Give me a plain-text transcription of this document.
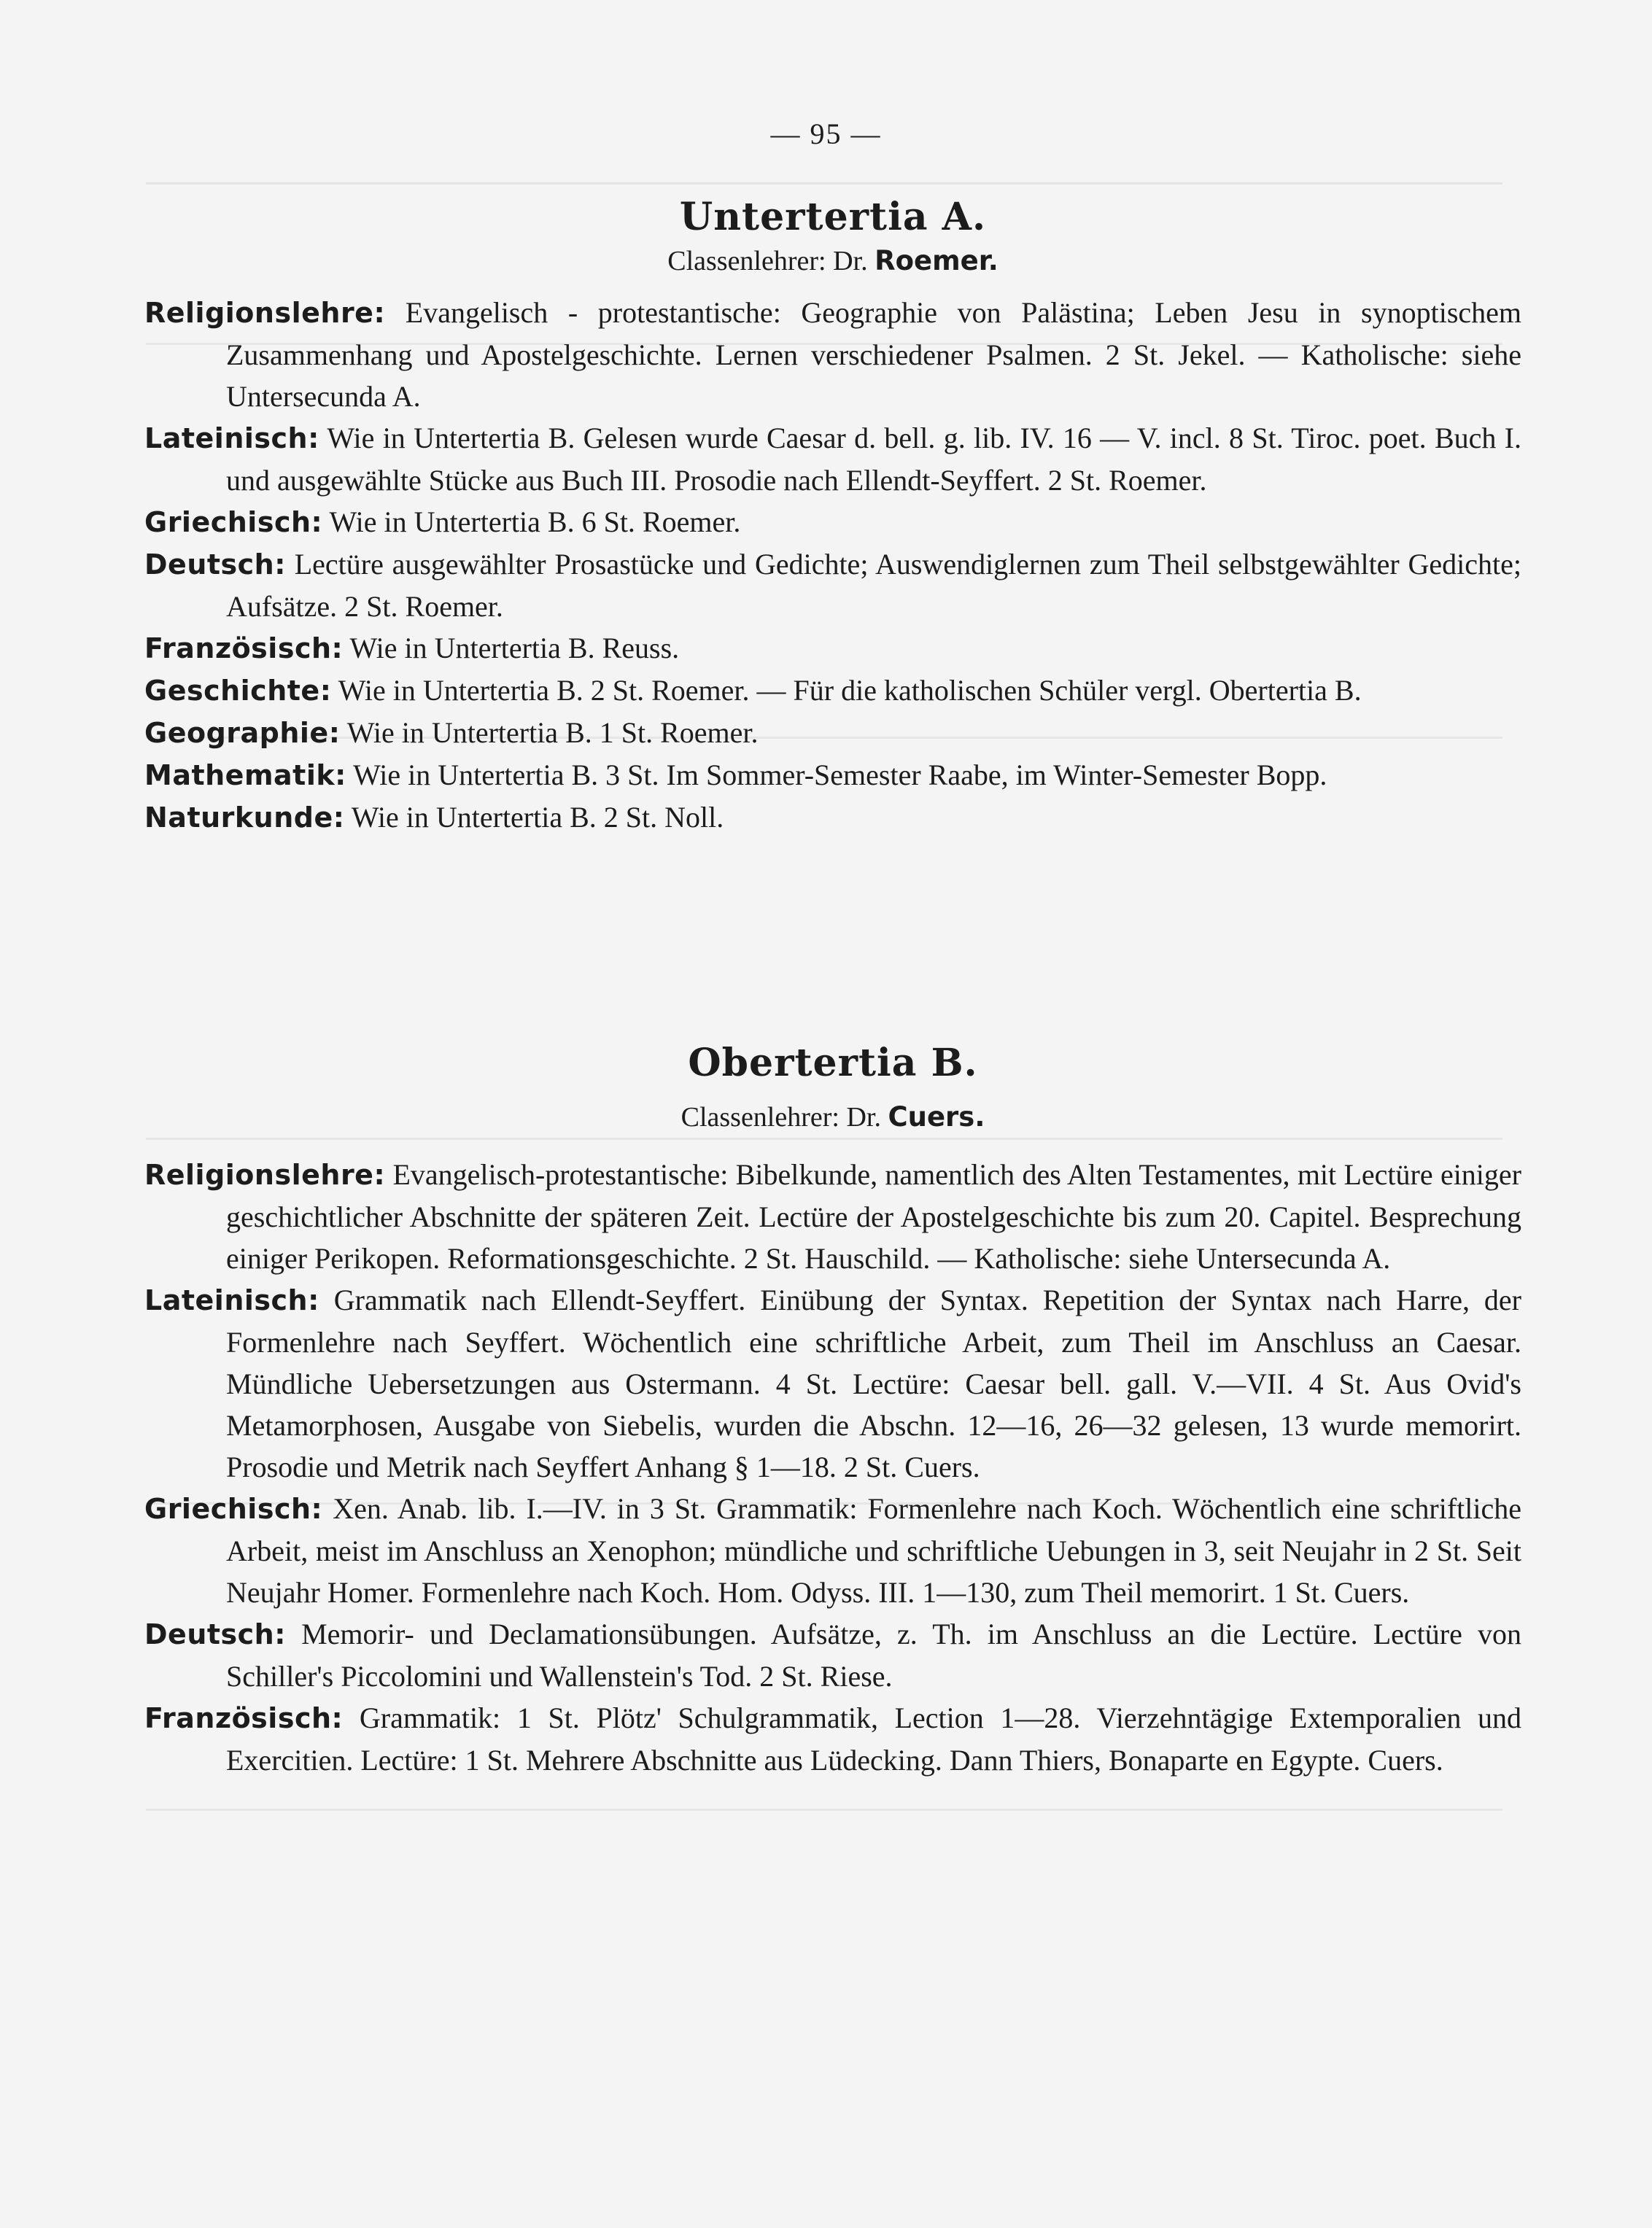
— 95 —
Untertertia A.
Classenlehrer: Dr. Roemer.

Religionslehre: Evangelisch - protestantische: Geographie von Palästina; Leben Jesu in synoptischem Zusammenhang und Apostelgeschichte. Lernen verschiedener Psalmen. 2 St. Jekel. — Katholische: siehe Untersecunda A.

Lateinisch: Wie in Untertertia B. Gelesen wurde Caesar d. bell. g. lib. IV. 16 — V. incl. 8 St. Tiroc. poet. Buch I. und ausgewählte Stücke aus Buch III. Prosodie nach Ellendt-Seyffert. 2 St. Roemer.

Griechisch: Wie in Untertertia B. 6 St. Roemer.

Deutsch: Lectüre ausgewählter Prosastücke und Gedichte; Auswendiglernen zum Theil selbstgewählter Gedichte; Aufsätze. 2 St. Roemer.

Französisch: Wie in Untertertia B. Reuss.

Geschichte: Wie in Untertertia B. 2 St. Roemer. — Für die katholischen Schüler vergl. Obertertia B.

Geographie: Wie in Untertertia B. 1 St. Roemer.

Mathematik: Wie in Untertertia B. 3 St. Im Sommer-Semester Raabe, im Winter-Semester Bopp.

Naturkunde: Wie in Untertertia B. 2 St. Noll.

Obertertia B.
Classenlehrer: Dr. Cuers.

Religionslehre: Evangelisch-protestantische: Bibelkunde, namentlich des Alten Testamentes, mit Lectüre einiger geschichtlicher Abschnitte der späteren Zeit. Lectüre der Apostelgeschichte bis zum 20. Capitel. Besprechung einiger Perikopen. Reformationsgeschichte. 2 St. Hauschild. — Katholische: siehe Untersecunda A.

Lateinisch: Grammatik nach Ellendt-Seyffert. Einübung der Syntax. Repetition der Syntax nach Harre, der Formenlehre nach Seyffert. Wöchentlich eine schriftliche Arbeit, zum Theil im Anschluss an Caesar. Mündliche Uebersetzungen aus Ostermann. 4 St. Lectüre: Caesar bell. gall. V.—VII. 4 St. Aus Ovid's Metamorphosen, Ausgabe von Siebelis, wurden die Abschn. 12—16, 26—32 gelesen, 13 wurde memorirt. Prosodie und Metrik nach Seyffert Anhang § 1—18. 2 St. Cuers.

Griechisch: Xen. Anab. lib. I.—IV. in 3 St. Grammatik: Formenlehre nach Koch. Wöchentlich eine schriftliche Arbeit, meist im Anschluss an Xenophon; mündliche und schriftliche Uebungen in 3, seit Neujahr in 2 St. Seit Neujahr Homer. Formenlehre nach Koch. Hom. Odyss. III. 1—130, zum Theil memorirt. 1 St. Cuers.

Deutsch: Memorir- und Declamationsübungen. Aufsätze, z. Th. im Anschluss an die Lectüre. Lectüre von Schiller's Piccolomini und Wallenstein's Tod. 2 St. Riese.

Französisch: Grammatik: 1 St. Plötz' Schulgrammatik, Lection 1—28. Vierzehntägige Extemporalien und Exercitien. Lectüre: 1 St. Mehrere Abschnitte aus Lüdecking. Dann Thiers, Bonaparte en Egypte. Cuers.
